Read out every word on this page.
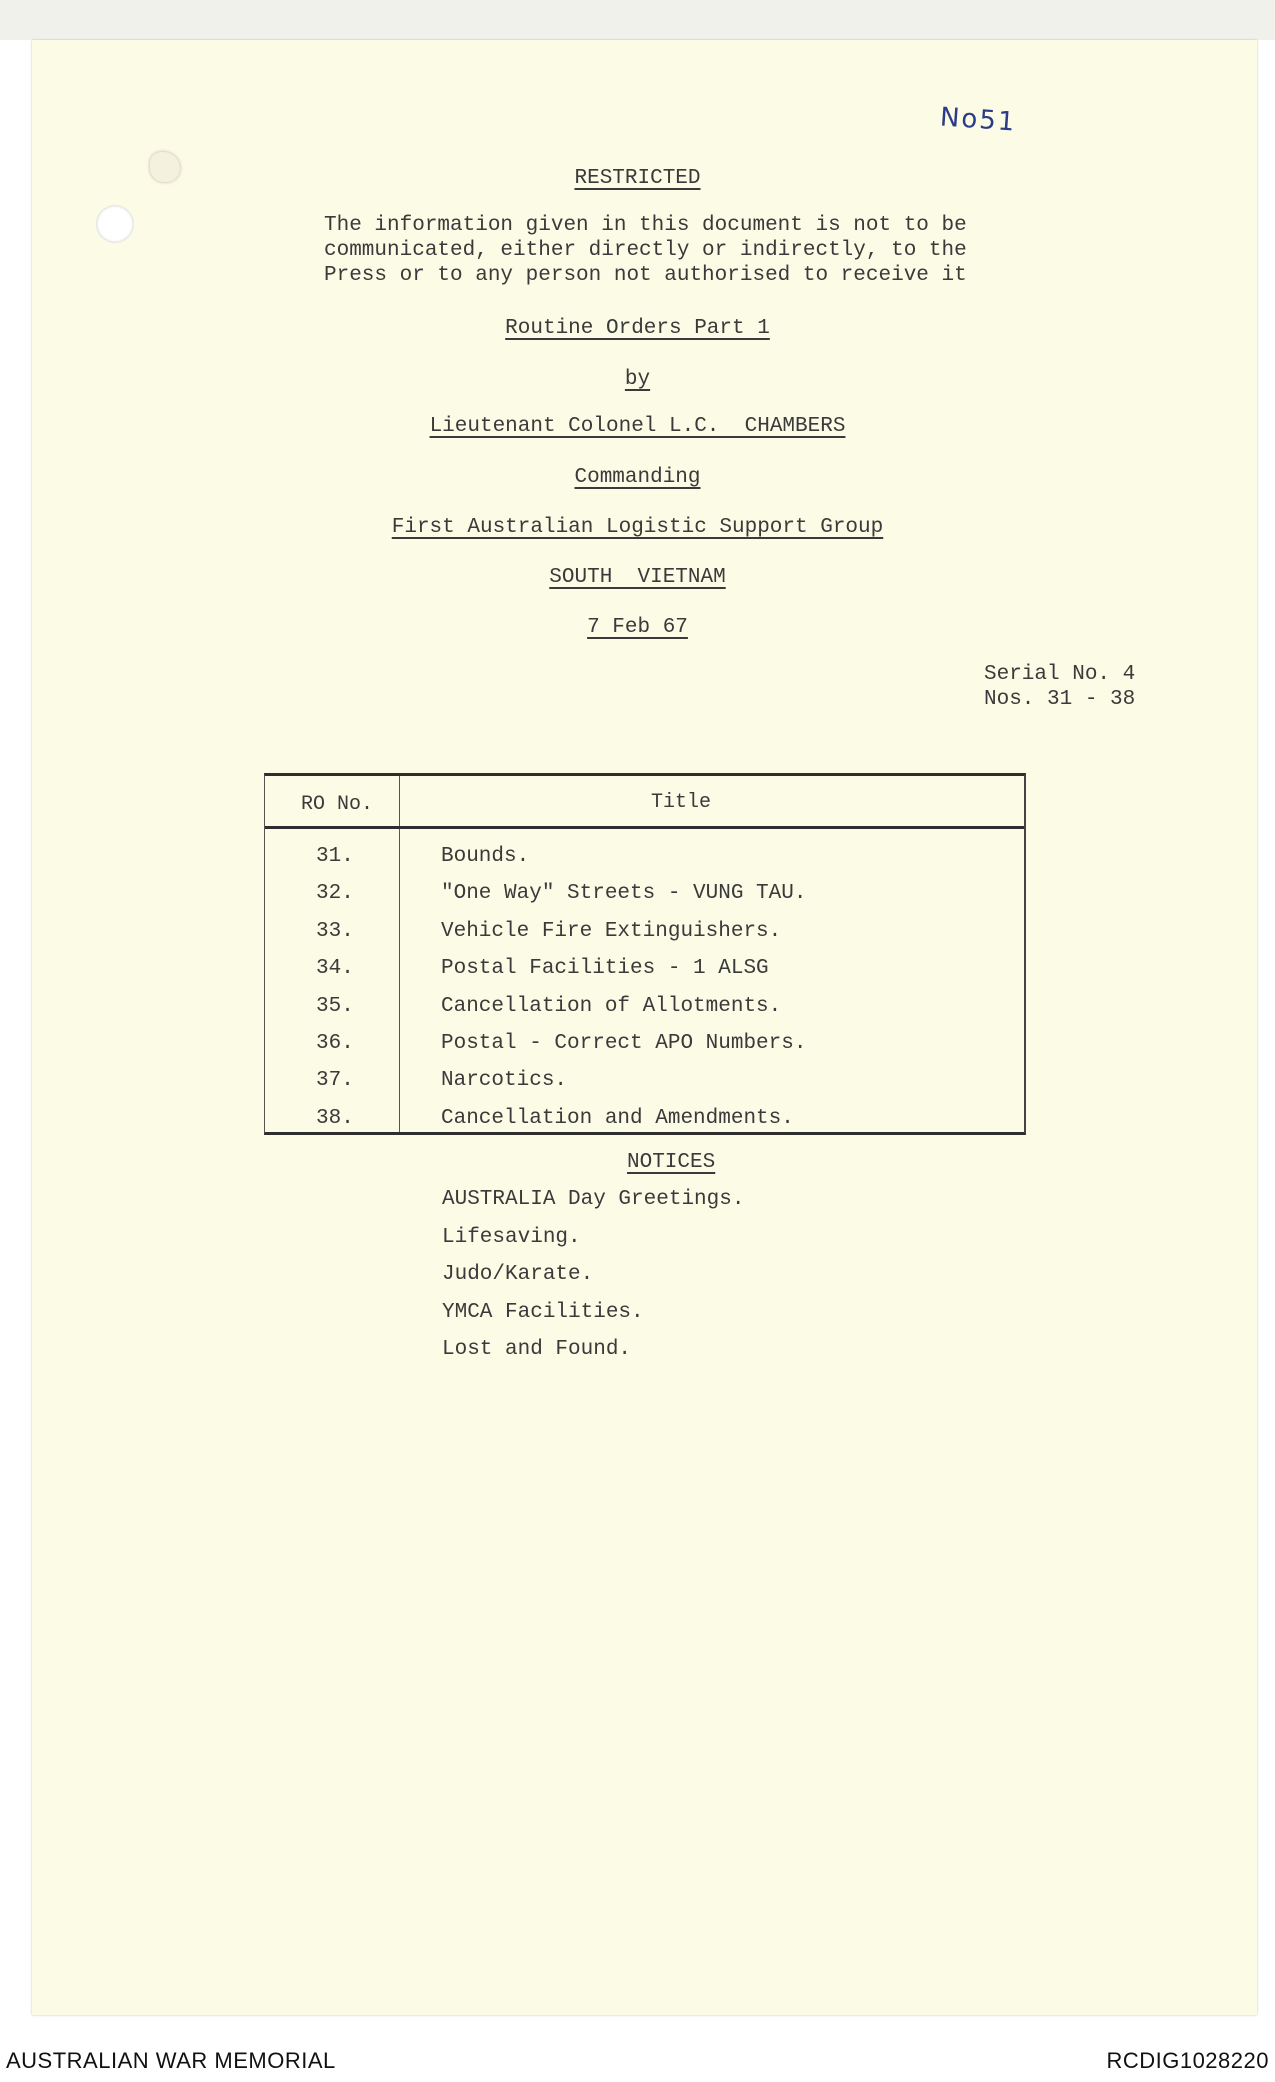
No51
RESTRICTED
The information given in this document is not to be
communicated, either directly or indirectly, to the
Press or to any person not authorised to receive it
Routine Orders Part 1
by
Lieutenant Colonel L.C.  CHAMBERS
Commanding
First Australian Logistic Support Group
SOUTH  VIETNAM
7 Feb 67
Serial No. 4
Nos. 31 - 38
RO No.	Title
31.	Bounds.
32.	"One Way" Streets - VUNG TAU.
33.	Vehicle Fire Extinguishers.
34.	Postal Facilities - 1 ALSG
35.	Cancellation of Allotments.
36.	Postal - Correct APO Numbers.
37.	Narcotics.
38.	Cancellation and Amendments.
NOTICES
AUSTRALIA Day Greetings.
Lifesaving.
Judo/Karate.
YMCA Facilities.
Lost and Found.
AUSTRALIAN WAR MEMORIAL	RCDIG1028220
